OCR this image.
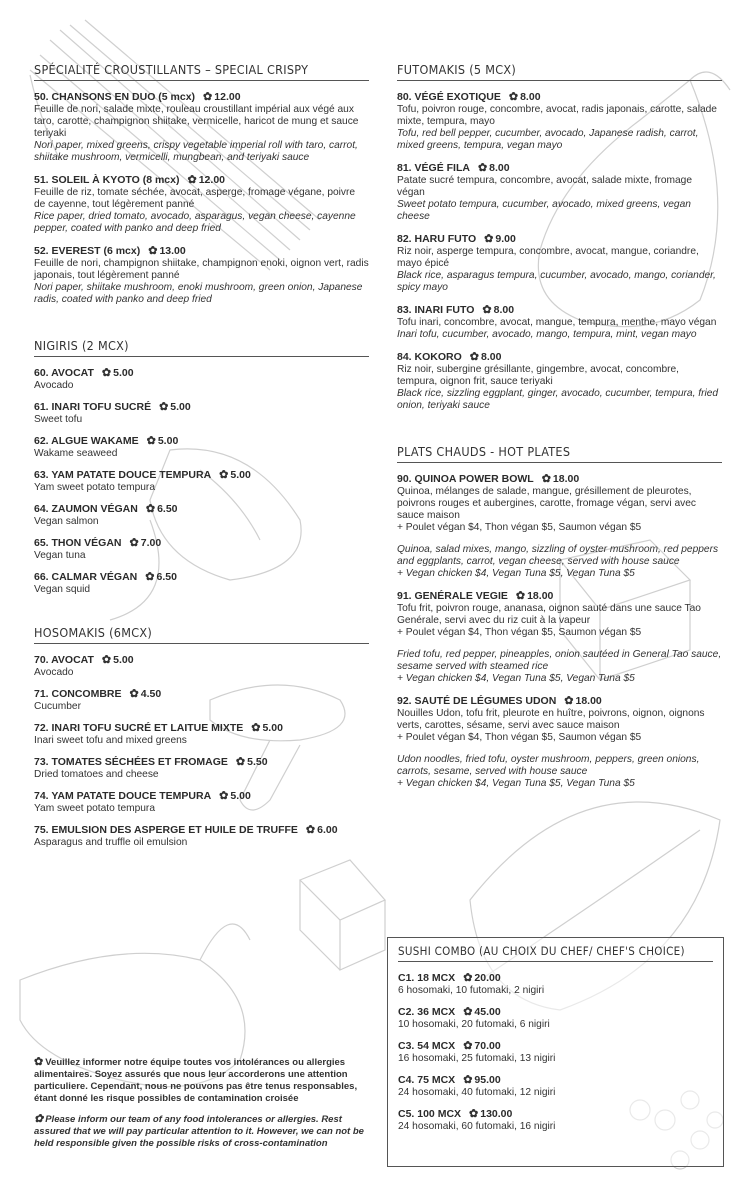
SPÉCIALITÉ CROUSTILLANTS – SPECIAL CRISPY
50. CHANSONS EN DUO (5 mcx) ✿ 12.00
Feuille de nori, salade mixte, rouleau croustillant impérial aux végé aux taro, carotte, champignon shiitake, vermicelle, haricot de mung et sauce teriyaki
Nori paper, mixed greens, crispy vegetable imperial roll with taro, carrot, shiitake mushroom, vermicelli, mungbean, and teriyaki sauce
51. SOLEIL À KYOTO (8 mcx) ✿ 12.00
Feuille de riz, tomate séchée, avocat, asperge, fromage végane, poivre de cayenne, tout légèrement panné
Rice paper, dried tomato, avocado, asparagus, vegan cheese, cayenne pepper, coated with panko and deep fried
52. EVEREST (6 mcx) ✿ 13.00
Feuille de nori, champignon shiitake, champignon enoki, oignon vert, radis japonais, tout légèrement panné
Nori paper, shiitake mushroom, enoki mushroom, green onion, Japanese radis, coated with panko and deep fried
NIGIRIS (2 MCX)
60. AVOCAT ✿ 5.00
Avocado
61. INARI TOFU SUCRÉ ✿ 5.00
Sweet tofu
62. ALGUE WAKAME ✿ 5.00
Wakame seaweed
63. YAM PATATE DOUCE TEMPURA ✿ 5.00
Yam sweet potato tempura
64. ZAUMON VÉGAN ✿ 6.50
Vegan salmon
65. THON VÉGAN ✿ 7.00
Vegan tuna
66. CALMAR VÉGAN ✿ 6.50
Vegan squid
HOSOMAKIS (6MCX)
70. AVOCAT ✿ 5.00
Avocado
71. CONCOMBRE ✿ 4.50
Cucumber
72. INARI TOFU SUCRÉ ET LAITUE MIXTE ✿ 5.00
Inari sweet tofu and mixed greens
73. TOMATES SÉCHÉES ET FROMAGE ✿ 5.50
Dried tomatoes and cheese
74. YAM PATATE DOUCE TEMPURA ✿ 5.00
Yam sweet potato tempura
75. EMULSION DES ASPERGE ET HUILE DE TRUFFE ✿ 6.00
Asparagus and truffle oil emulsion
FUTOMAKIS (5 MCX)
80. VÉGÉ EXOTIQUE ✿ 8.00
Tofu, poivron rouge, concombre, avocat, radis japonais, carotte, salade mixte, tempura, mayo
Tofu, red bell pepper, cucumber, avocado, Japanese radish, carrot, mixed greens, tempura, vegan mayo
81. VÉGÉ FILA ✿ 8.00
Patate sucré tempura, concombre, avocat, salade mixte, fromage végan
Sweet potato tempura, cucumber, avocado, mixed greens, vegan cheese
82. HARU FUTO ✿ 9.00
Riz noir, asperge tempura, concombre, avocat, mangue, coriandre, mayo épicé
Black rice, asparagus tempura, cucumber, avocado, mango, coriander, spicy mayo
83. INARI FUTO ✿ 8.00
Tofu inari, concombre, avocat, mangue, tempura, menthe, mayo végan
Inari tofu, cucumber, avocado, mango, tempura, mint, vegan mayo
84. KOKORO ✿ 8.00
Riz noir, subergine grésillante, gingembre, avocat, concombre, tempura, oignon frit, sauce teriyaki
Black rice, sizzling eggplant, ginger, avocado, cucumber, tempura, fried onion, teriyaki sauce
PLATS CHAUDS - HOT PLATES
90. QUINOA POWER BOWL ✿ 18.00
Quinoa, mélanges de salade, mangue, grésillement de pleurotes, poivrons rouges et aubergines, carotte, fromage végan, servi avec sauce maison
+ Poulet végan $4, Thon végan $5, Saumon végan $5
Quinoa, salad mixes, mango, sizzling of oyster mushroom, red peppers and eggplants, carrot, vegan cheese, served with house sauce
+ Vegan chicken $4, Vegan Tuna $5, Vegan Tuna $5
91. GENÉRALE VEGIE ✿ 18.00
Tofu frit, poivron rouge, ananasa, oignon sauté dans une sauce Tao Genérale, servi avec du riz cuit à la vapeur
+ Poulet végan $4, Thon végan $5, Saumon végan $5
Fried tofu, red pepper, pineapples, onion sautéed in General Tao sauce, sesame served with steamed rice
+ Vegan chicken $4, Vegan Tuna $5, Vegan Tuna $5
92. SAUTÉ DE LÉGUMES UDON ✿ 18.00
Nouilles Udon, tofu frit, pleurote en huître, poivrons, oignon, oignons verts, carottes, sésame, servi avec sauce maison
+ Poulet végan $4, Thon végan $5, Saumon végan $5
Udon noodles, fried tofu, oyster mushroom, peppers, green onions, carrots, sesame, served with house sauce
+ Vegan chicken $4, Vegan Tuna $5, Vegan Tuna $5
SUSHI COMBO (AU CHOIX DU CHEF/ CHEF'S CHOICE)
C1. 18 MCX ✿ 20.00
6 hosomaki, 10 futomaki, 2 nigiri
C2. 36 MCX ✿ 45.00
10 hosomaki, 20 futomaki, 6 nigiri
C3. 54 MCX ✿ 70.00
16 hosomaki, 25 futomaki, 13 nigiri
C4. 75 MCX ✿ 95.00
24 hosomaki, 40 futomaki, 12 nigiri
C5. 100 MCX ✿ 130.00
24 hosomaki, 60 futomaki, 16 nigiri

✿ Veuillez informer notre équipe toutes vos intolérances ou allergies alimentaires. Soyez assurés que nous leur accorderons une attention particuliere. Cependant, nous ne pouvons pas être tenus responsables, étant donné les risque possibles de contamination croisée

✿ Please inform our team of any food intolerances or allergies. Rest assured that we will pay particular attention to it. However, we can not be held responsible given the possible risks of cross-contamination
